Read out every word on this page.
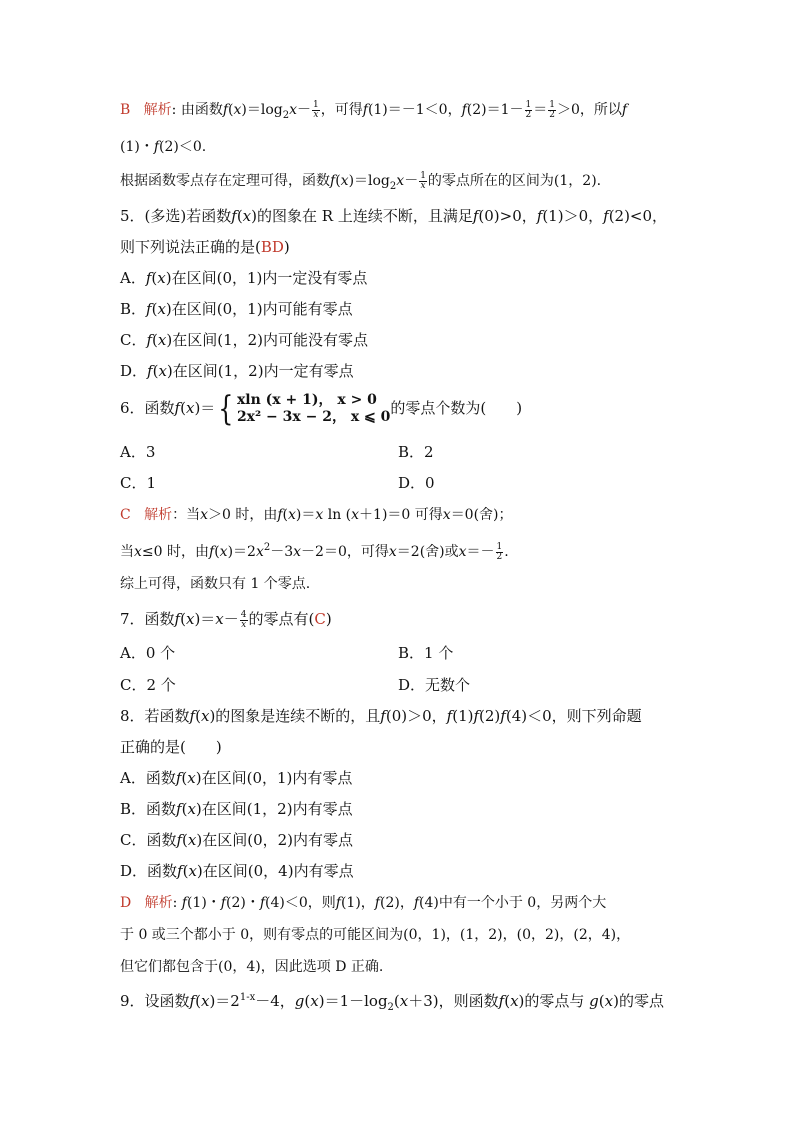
B 解析: 由函数$f(x)=\log_2x- \frac{1}{x}$ ，可得f(1)＝－1＜0，$f(2)=1- \frac{1}{2} = \frac{1}{2} >0$，所以f
(1)・f(2)＜0.
根据函数零点存在定理可得，函数$f(x)=\log_2x- \frac{1}{x}$ 的零点所在的区间为(1，2).
5．(多选)若函数f(x)的图象在 R 上连续不断，且满足f(0)>0，f(1)＞0，f(2)<0，
则下列说法正确的是(BD)
A．f(x)在区间(0，1)内一定没有零点
B．f(x)在区间(0，1)内可能有零点
C．f(x)在区间(1，2)内可能没有零点
D．f(x)在区间(1，2)内一定有零点
6．函数f(x)＝{ xln (x + 1)， x > 0
2x² − 3x − 2， x ⩽ 0 的零点个数为(　　)
A．3	B．2
C．1	D．0
C 解析：当x＞0 时，由f(x)＝x ln (x＋1)＝0 可得x＝0(舍)；
当x≤0 时，由$f(x)=2x^2-3x-2=0$，可得x＝2(舍)或$x=- \frac{1}{2}$ .
综上可得，函数只有 1 个零点.
7．函数$f(x)=x- \frac{4}{x}$ 的零点有(C)
A．0 个	B．1 个
C．2 个	D．无数个
8．若函数f(x)的图象是连续不断的，且f(0)＞0，f(1)f(2)f(4)＜0，则下列命题
正确的是(　　)
A．函数f(x)在区间(0，1)内有零点
B．函数f(x)在区间(1，2)内有零点
C．函数f(x)在区间(0，2)内有零点
D．函数f(x)在区间(0，4)内有零点
D 解析: f(1)・f(2)・f(4)＜0，则f(1)，f(2)，f(4)中有一个小于 0，另两个大
于 0 或三个都小于 0，则有零点的可能区间为(0，1)，(1，2)，(0，2)，(2，4)，
但它们都包含于(0，4)，因此选项 D 正确.
9．设函数$f(x)=2^{1-x}-4$，$g(x)=1-\log_2(x+3)$，则函数f(x)的零点与 g(x)的零点
